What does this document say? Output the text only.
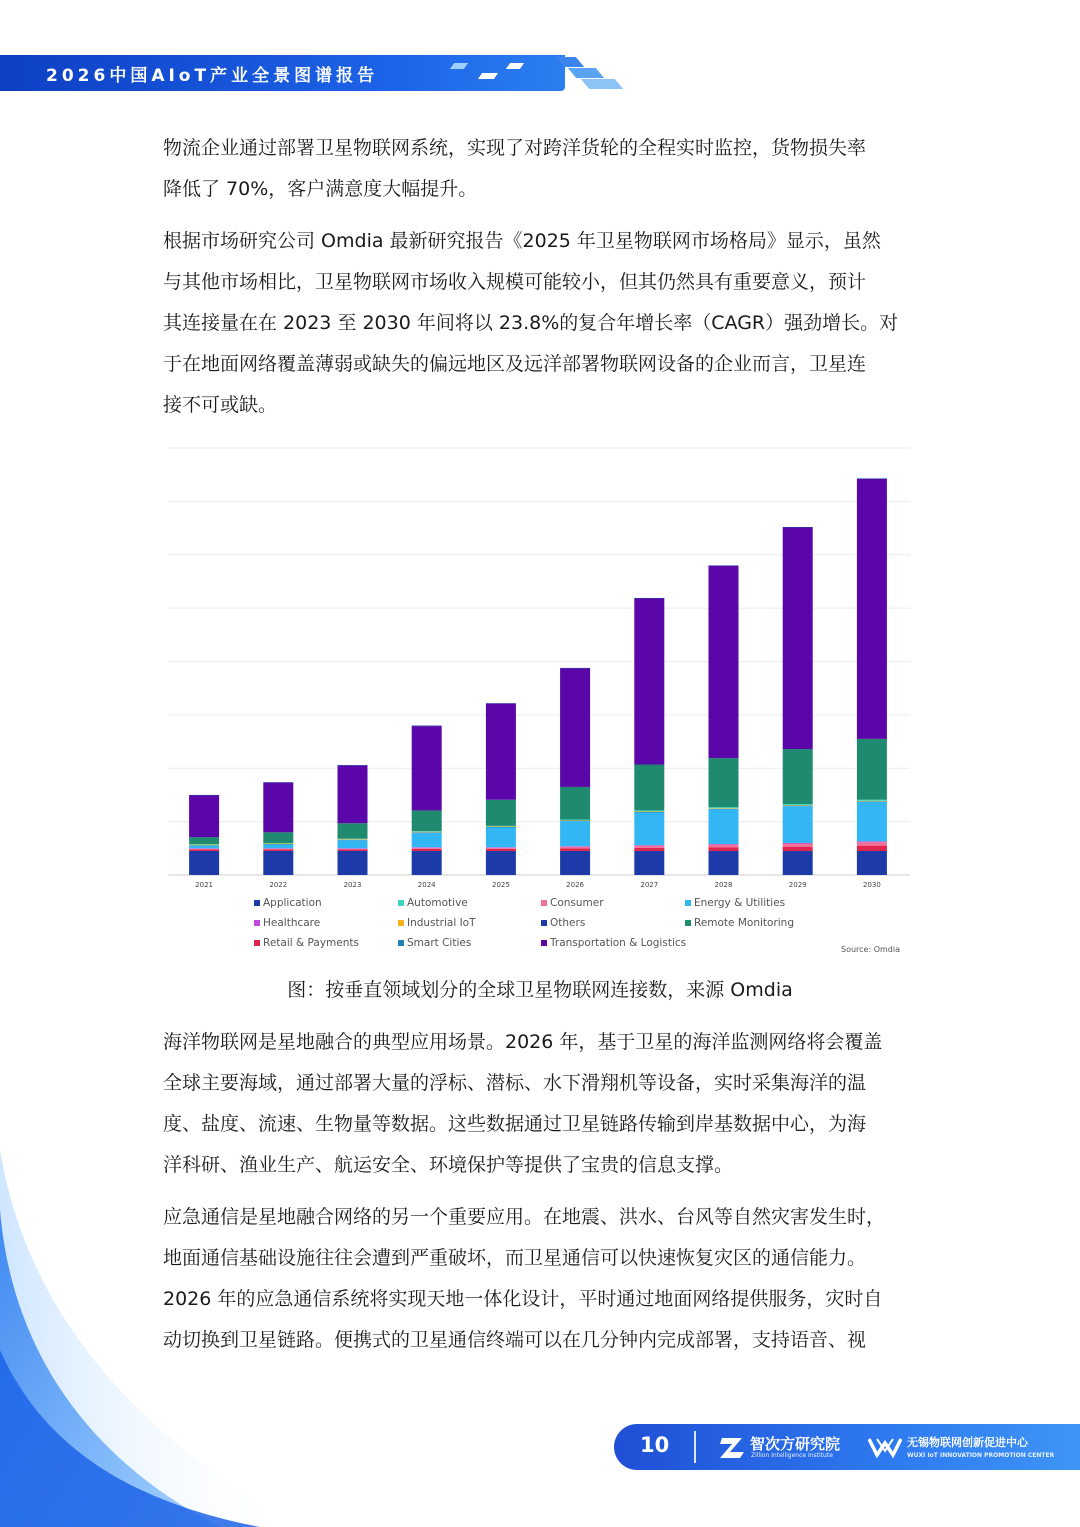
2026中国AIoT产业全景图谱报告
物流企业通过部署卫星物联网系统，实现了对跨洋货轮的全程实时监控，货物损失率
降低了 70%，客户满意度大幅提升。
根据市场研究公司 Omdia 最新研究报告《2025 年卫星物联网市场格局》显示，虽然
与其他市场相比，卫星物联网市场收入规模可能较小，但其仍然具有重要意义，预计
其连接量在在 2023 至 2030 年间将以 23.8%的复合年增长率（CAGR）强劲增长。对
于在地面网络覆盖薄弱或缺失的偏远地区及远洋部署物联网设备的企业而言，卫星连
接不可或缺。
2021	2022	2023	2024	2025	2026	2027	2028	2029	2030
Application	Automotive	Consumer	Energy & Utilities
Healthcare	Industrial IoT	Others	Remote Monitoring
Retail & Payments	Smart Cities	Transportation & Logistics
Source: Omdia
图：按垂直领域划分的全球卫星物联网连接数，来源 Omdia
海洋物联网是星地融合的典型应用场景。2026 年，基于卫星的海洋监测网络将会覆盖
全球主要海域，通过部署大量的浮标、潜标、水下滑翔机等设备，实时采集海洋的温
度、盐度、流速、生物量等数据。这些数据通过卫星链路传输到岸基数据中心，为海
洋科研、渔业生产、航运安全、环境保护等提供了宝贵的信息支撑。
应急通信是星地融合网络的另一个重要应用。在地震、洪水、台风等自然灾害发生时，
地面通信基础设施往往会遭到严重破坏，而卫星通信可以快速恢复灾区的通信能力。
2026 年的应急通信系统将实现天地一体化设计，平时通过地面网络提供服务，灾时自
动切换到卫星链路。便携式的卫星通信终端可以在几分钟内完成部署，支持语音、视
10	智次方研究院
Zillion Intelligence Institute
无锡物联网创新促进中心
WUXI IoT INNOVATION PROMOTION CENTER
